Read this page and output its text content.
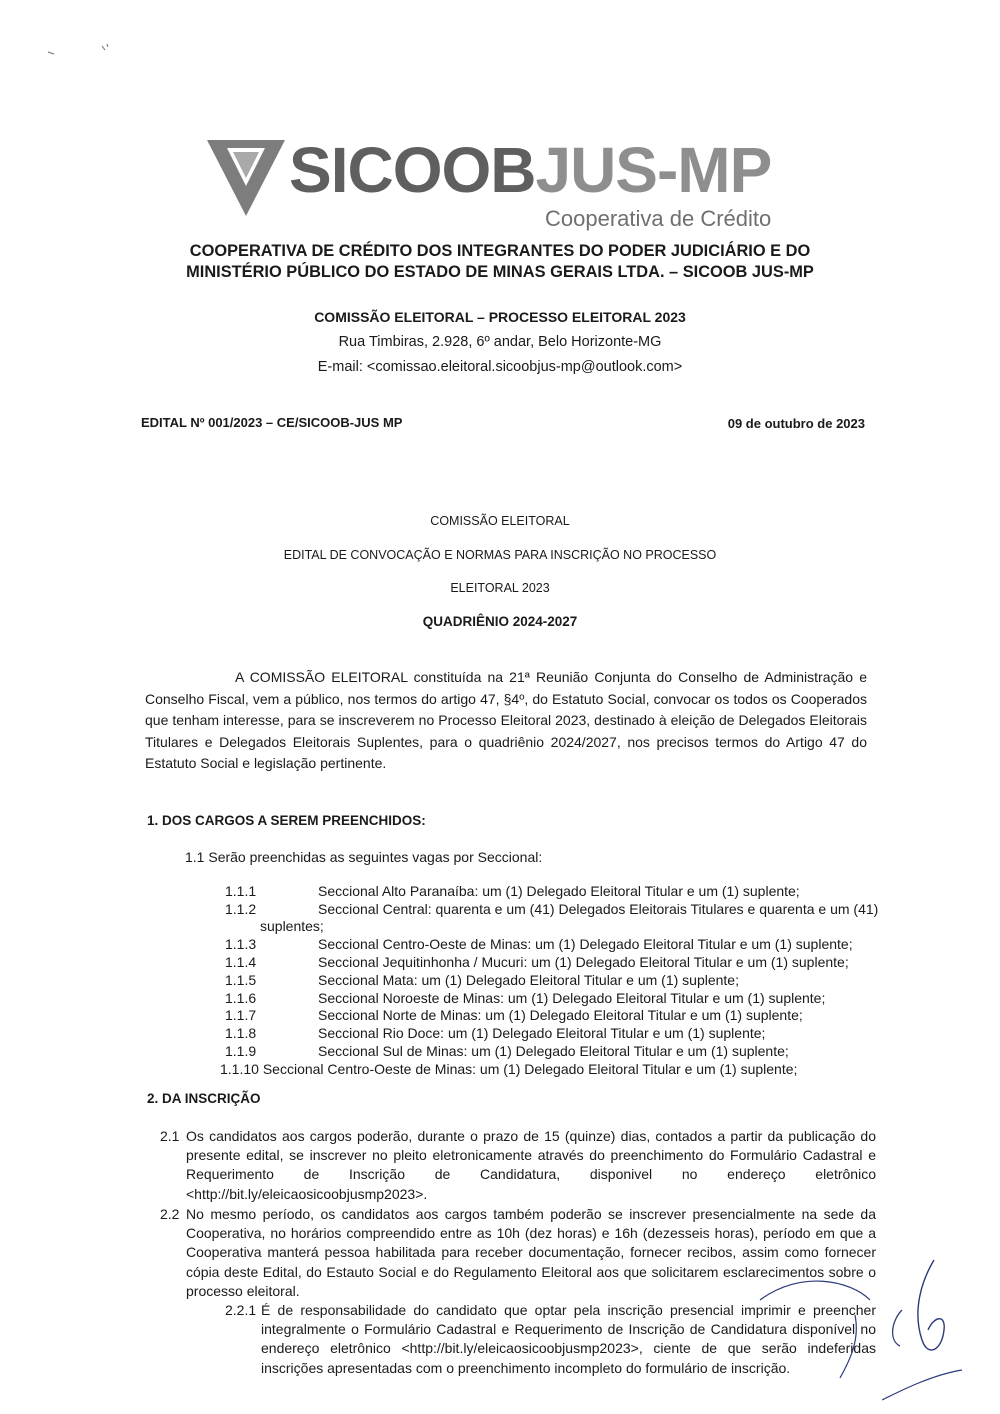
SICOOBJUS-MP
Cooperativa de Crédito
COOPERATIVA DE CRÉDITO DOS INTEGRANTES DO PODER JUDICIÁRIO E DO
MINISTÉRIO PÚBLICO DO ESTADO DE MINAS GERAIS LTDA. – SICOOB JUS-MP
COMISSÃO ELEITORAL – PROCESSO ELEITORAL 2023
Rua Timbiras, 2.928, 6º andar, Belo Horizonte-MG
E-mail: <comissao.eleitoral.sicoobjus-mp@outlook.com>
EDITAL Nº 001/2023 – CE/SICOOB-JUS MP	09 de outubro de 2023
COMISSÃO ELEITORAL
EDITAL DE CONVOCAÇÃO E NORMAS PARA INSCRIÇÃO NO PROCESSO
ELEITORAL 2023
QUADRIÊNIO 2024-2027
A COMISSÃO ELEITORAL constituída na 21ª Reunião Conjunta do Conselho de Administração e
Conselho Fiscal, vem a público, nos termos do artigo 47, §4º, do Estatuto Social, convocar os todos os Cooperados que tenham interesse, para se inscreverem no Processo Eleitoral 2023, destinado à eleição de Delegados Eleitorais Titulares e Delegados Eleitorais Suplentes, para o quadriênio 2024/2027, nos precisos termos do Artigo 47 do Estatuto Social e legislação pertinente.
1. DOS CARGOS A SEREM PREENCHIDOS:
1.1 Serão preenchidas as seguintes vagas por Seccional:
1.1.1	Seccional Alto Paranaíba: um (1) Delegado Eleitoral Titular e um (1) suplente;
1.1.2	Seccional Central: quarenta e um (41) Delegados Eleitorais Titulares e quarenta e um (41)
suplentes;
1.1.3	Seccional Centro-Oeste de Minas: um (1) Delegado Eleitoral Titular e um (1) suplente;
1.1.4	Seccional Jequitinhonha / Mucuri: um (1) Delegado Eleitoral Titular e um (1) suplente;
1.1.5	Seccional Mata: um (1) Delegado Eleitoral Titular e um (1) suplente;
1.1.6	Seccional Noroeste de Minas: um (1) Delegado Eleitoral Titular e um (1) suplente;
1.1.7	Seccional Norte de Minas: um (1) Delegado Eleitoral Titular e um (1) suplente;
1.1.8	Seccional Rio Doce: um (1) Delegado Eleitoral Titular e um (1) suplente;
1.1.9	Seccional Sul de Minas: um (1) Delegado Eleitoral Titular e um (1) suplente;
1.1.10 Seccional Centro-Oeste de Minas: um (1) Delegado Eleitoral Titular e um (1) suplente;
2. DA INSCRIÇÃO
2.1 Os candidatos aos cargos poderão, durante o prazo de 15 (quinze) dias, contados a partir da publicação do presente edital, se inscrever no pleito eletronicamente através do preenchimento do Formulário Cadastral e Requerimento de Inscrição de Candidatura, disponivel no endereço eletrônico <http://bit.ly/eleicaosicoobjusmp2023>.
2.2 No mesmo período, os candidatos aos cargos também poderão se inscrever presencialmente na sede da Cooperativa, no horários compreendido entre as 10h (dez horas) e 16h (dezesseis horas), período em que a Cooperativa manterá pessoa habilitada para receber documentação, fornecer recibos, assim como fornecer cópia deste Edital, do Estauto Social e do Regulamento Eleitoral aos que solicitarem esclarecimentos sobre o processo eleitoral.
2.2.1 É de responsabilidade do candidato que optar pela inscrição presencial imprimir e preencher integralmente o Formulário Cadastral e Requerimento de Inscrição de Candidatura disponível no endereço eletrônico <http://bit.ly/eleicaosicoobjusmp2023>, ciente de que serão indeferidas inscrições apresentadas com o preenchimento incompleto do formulário de inscrição.
